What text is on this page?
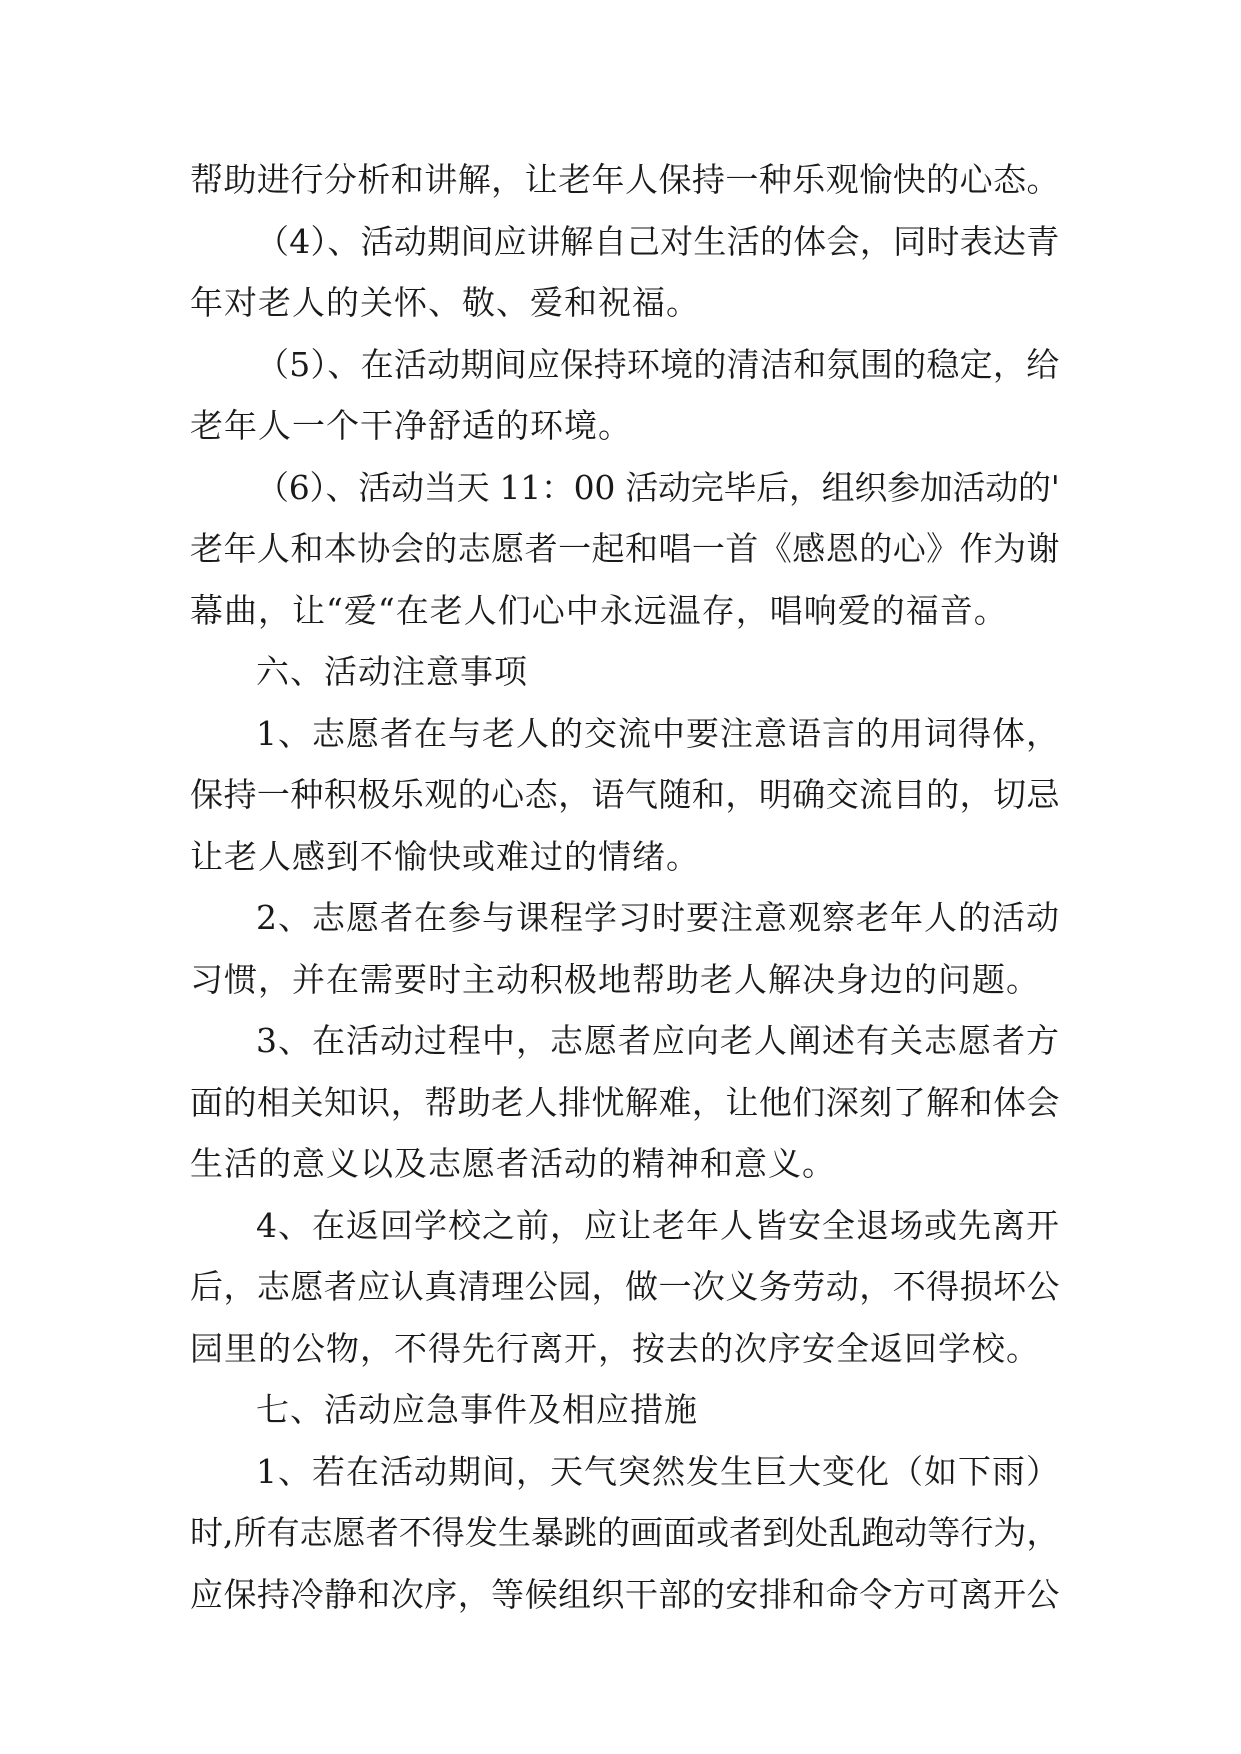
帮助进行分析和讲解，让老年人保持一种乐观愉快的心态。
（4）、活动期间应讲解自己对生活的体会，同时表达青
年对老人的关怀、敬、爱和祝福。
（5）、在活动期间应保持环境的清洁和氛围的稳定，给
老年人一个干净舒适的环境。
（6）、活动当天 11：00 活动完毕后，组织参加活动的'
老年人和本协会的志愿者一起和唱一首《感恩的心》作为谢
幕曲，让“爱“在老人们心中永远温存，唱响爱的福音。
六、活动注意事项
1、志愿者在与老人的交流中要注意语言的用词得体，
保持一种积极乐观的心态，语气随和，明确交流目的，切忌
让老人感到不愉快或难过的情绪。
2、志愿者在参与课程学习时要注意观察老年人的活动
习惯，并在需要时主动积极地帮助老人解决身边的问题。
3、在活动过程中，志愿者应向老人阐述有关志愿者方
面的相关知识，帮助老人排忧解难，让他们深刻了解和体会
生活的意义以及志愿者活动的精神和意义。
4、在返回学校之前，应让老年人皆安全退场或先离开
后，志愿者应认真清理公园，做一次义务劳动，不得损坏公
园里的公物，不得先行离开，按去的次序安全返回学校。
七、活动应急事件及相应措施
1、若在活动期间，天气突然发生巨大变化（如下雨）
时,所有志愿者不得发生暴跳的画面或者到处乱跑动等行为，
应保持冷静和次序，等候组织干部的安排和命令方可离开公
